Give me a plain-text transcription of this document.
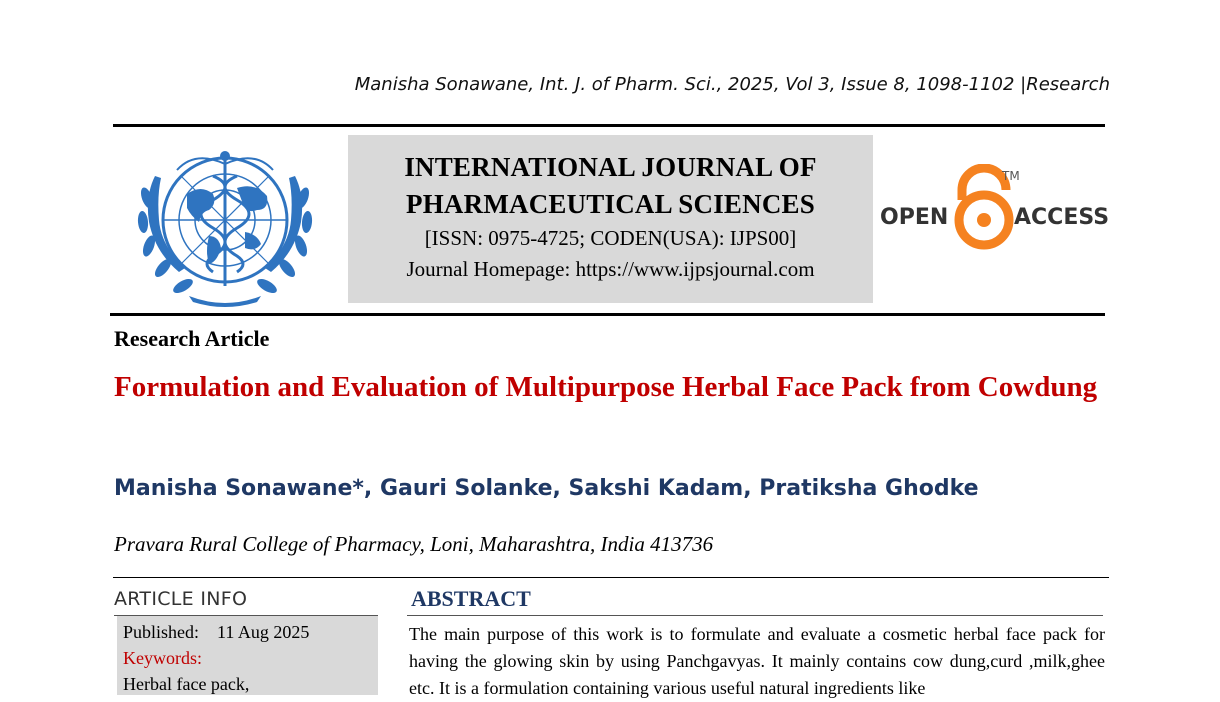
Manisha Sonawane, Int. J. of Pharm. Sci., 2025, Vol 3, Issue 8, 1098-1102 |Research
INTERNATIONAL JOURNAL OF
PHARMACEUTICAL SCIENCES
[ISSN: 0975-4725; CODEN(USA): IJPS00]
Journal Homepage: https://www.ijpsjournal.com
OPEN	ACCESS
TM
Research Article
Formulation and Evaluation of Multipurpose Herbal Face Pack from Cowdung
Manisha Sonawane*, Gauri Solanke, Sakshi Kadam, Pratiksha Ghodke
Pravara Rural College of Pharmacy, Loni, Maharashtra, India 413736
ARTICLE INFO
Published: 11 Aug 2025
Keywords:
Herbal face pack,
ABSTRACT
The main purpose of this work is to formulate and evaluate a cosmetic herbal face pack for having the glowing skin by using Panchgavyas. It mainly contains cow dung,curd ,milk,ghee etc. It is a formulation containing various useful natural ingredients like
